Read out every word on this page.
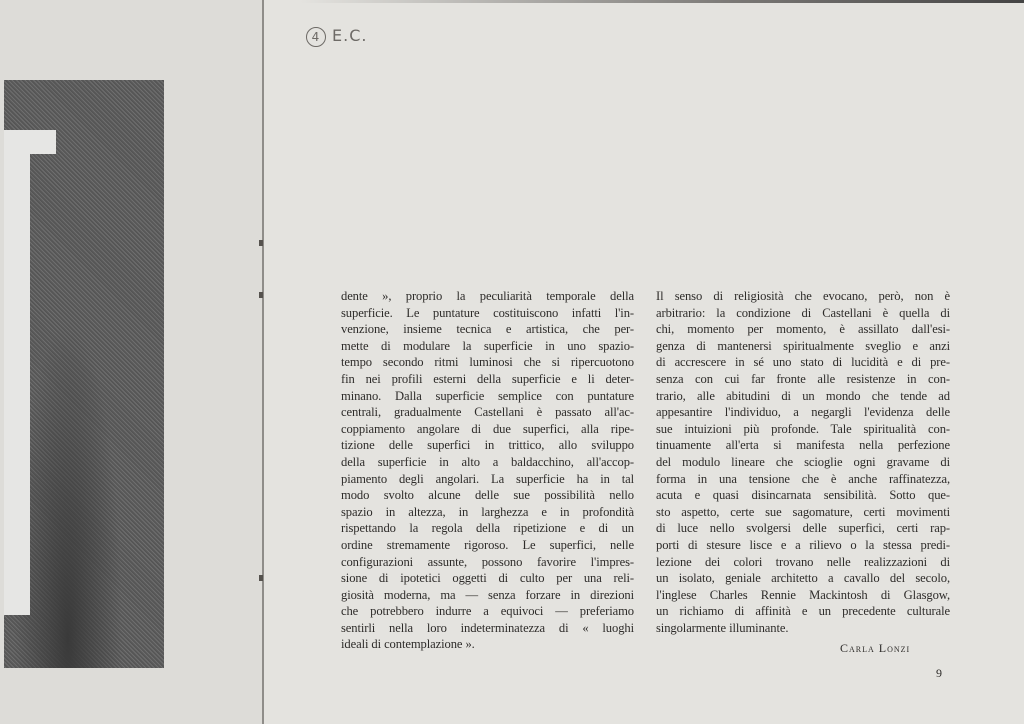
4 E.C.
dente », proprio la peculiarità temporale della
superficie. Le puntature costituiscono infatti l'in-
venzione, insieme tecnica e artistica, che per-
mette di modulare la superficie in uno spazio-
tempo secondo ritmi luminosi che si ripercuotono
fin nei profili esterni della superficie e li deter-
minano. Dalla superficie semplice con puntature
centrali, gradualmente Castellani è passato all'ac-
coppiamento angolare di due superfici, alla ripe-
tizione delle superfici in trittico, allo sviluppo
della superficie in alto a baldacchino, all'accop-
piamento degli angolari. La superficie ha in tal
modo svolto alcune delle sue possibilità nello
spazio in altezza, in larghezza e in profondità
rispettando la regola della ripetizione e di un
ordine stremamente rigoroso. Le superfici, nelle
configurazioni assunte, possono favorire l'impres-
sione di ipotetici oggetti di culto per una reli-
giosità moderna, ma — senza forzare in direzioni
che potrebbero indurre a equivoci — preferiamo
sentirli nella loro indeterminatezza di « luoghi
ideali di contemplazione ».
Il senso di religiosità che evocano, però, non è
arbitrario: la condizione di Castellani è quella di
chi, momento per momento, è assillato dall'esi-
genza di mantenersi spiritualmente sveglio e anzi
di accrescere in sé uno stato di lucidità e di pre-
senza con cui far fronte alle resistenze in con-
trario, alle abitudini di un mondo che tende ad
appesantire l'individuo, a negargli l'evidenza delle
sue intuizioni più profonde. Tale spiritualità con-
tinuamente all'erta si manifesta nella perfezione
del modulo lineare che scioglie ogni gravame di
forma in una tensione che è anche raffinatezza,
acuta e quasi disincarnata sensibilità. Sotto que-
sto aspetto, certe sue sagomature, certi movimenti
di luce nello svolgersi delle superfici, certi rap-
porti di stesure lisce e a rilievo o la stessa predi-
lezione dei colori trovano nelle realizzazioni di
un isolato, geniale architetto a cavallo del secolo,
l'inglese Charles Rennie Mackintosh di Glasgow,
un richiamo di affinità e un precedente culturale
singolarmente illuminante.
Carla Lonzi
9
